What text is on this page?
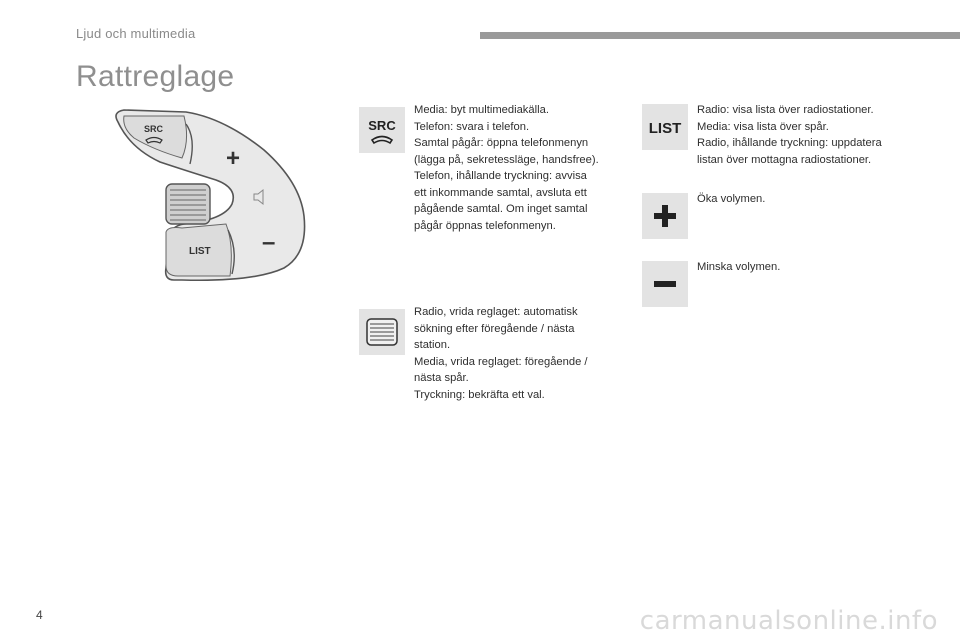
Ljud och multimedia
Rattreglage
SRC
+
LIST –
SRC
Media: byt multimediakälla.
Telefon: svara i telefon.
Samtal pågår: öppna telefonmenyn
(lägga på, sekretessläge, handsfree).
Telefon, ihållande tryckning: avvisa
ett inkommande samtal, avsluta ett
pågående samtal. Om inget samtal
pågår öppnas telefonmenyn.
Radio, vrida reglaget: automatisk
sökning efter föregående / nästa
station.
Media, vrida reglaget: föregående /
nästa spår.
Tryckning: bekräfta ett val.
LIST
Radio: visa lista över radiostationer.
Media: visa lista över spår.
Radio, ihållande tryckning: uppdatera
listan över mottagna radiostationer.
Öka volymen.
Minska volymen.
4	carmanualsonline.info
